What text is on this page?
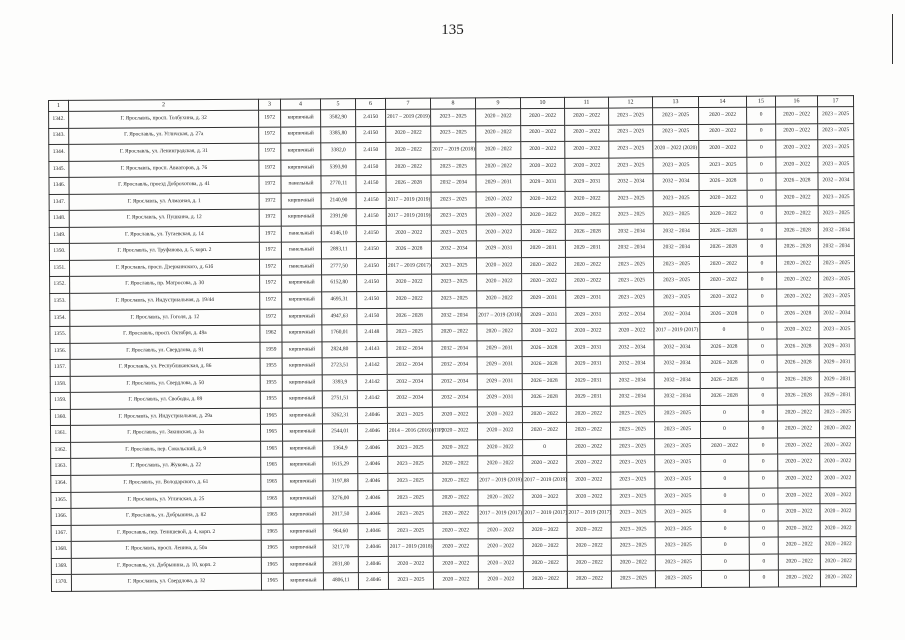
135
1	2	3	4	5	6	7	8	9	10	11	12	13	14	15	16	17
1342.	Г. Ярославль, просп. Толбухина, д. 32	1972	кирпичный	3582,90	2.4150	2017 – 2019 (2019)	2023 – 2025	2020 – 2022	2020 – 2022	2020 – 2022	2023 – 2025	2023 – 2025	2020 – 2022	0	2020 – 2022	2023 – 2025
1343.	Г. Ярославль, ул. Угличская, д. 27а	1972	кирпичный	3385,80	2.4150	2020 – 2022	2023 – 2025	2020 – 2022	2020 – 2022	2020 – 2022	2023 – 2025	2023 – 2025	2020 – 2022	0	2020 – 2022	2023 – 2025
1344.	Г. Ярославль, ул. Ленинградская, д. 31	1972	кирпичный	3382,0	2.4150	2020 – 2022	2017 – 2019 (2018)	2020 – 2022	2020 – 2022	2020 – 2022	2023 – 2025	2020 – 2022 (2020)	2020 – 2022	0	2020 – 2022	2023 – 2025
1345.	Г. Ярославль, просп. Авиаторов, д. 76	1972	кирпичный	5393,90	2.4150	2020 – 2022	2023 – 2025	2020 – 2022	2020 – 2022	2020 – 2022	2023 – 2025	2023 – 2025	2023 – 2025	0	2020 – 2022	2023 – 2025
1346.	Г. Ярославль, проезд Доброхотова, д. 41	1972	панельный	2770,11	2.4150	2026 – 2028	2032 – 2034	2029 – 2031	2029 – 2031	2029 – 2031	2032 – 2034	2032 – 2034	2026 – 2028	0	2026 – 2028	2032 – 2034
1347.	Г. Ярославль, ул. Алмазная, д. 1	1972	кирпичный	2140,90	2.4150	2017 – 2019 (2019)	2023 – 2025	2020 – 2022	2020 – 2022	2020 – 2022	2023 – 2025	2023 – 2025	2020 – 2022	0	2020 – 2022	2023 – 2025
1348.	Г. Ярославль, ул. Пушкина, д. 12	1972	кирпичный	2391,90	2.4150	2017 – 2019 (2019)	2023 – 2025	2020 – 2022	2020 – 2022	2020 – 2022	2023 – 2025	2023 – 2025	2020 – 2022	0	2020 – 2022	2023 – 2025
1349.	Г. Ярославль, ул. Тутаевская, д. 14	1972	панельный	4146,10	2.4150	2020 – 2022	2023 – 2025	2020 – 2022	2020 – 2022	2026 – 2028	2032 – 2034	2032 – 2034	2026 – 2028	0	2026 – 2028	2032 – 2034
1350.	Г. Ярославль, ул. Труфанова, д. 5, корп. 2	1972	панельный	2893,11	2.4150	2026 – 2028	2032 – 2034	2029 – 2031	2029 – 2031	2029 – 2031	2032 – 2034	2032 – 2034	2026 – 2028	0	2026 – 2028	2032 – 2034
1351.	Г. Ярославль, просп. Дзержинского, д. 61б	1972	панельный	2777,50	2.4150	2017 – 2019 (2017)	2023 – 2025	2020 – 2022	2020 – 2022	2020 – 2022	2023 – 2025	2023 – 2025	2020 – 2022	0	2020 – 2022	2023 – 2025
1352.	Г. Ярославль, пр. Матросова, д. 30	1972	кирпичный	6152,80	2.4150	2020 – 2022	2023 – 2025	2020 – 2022	2020 – 2022	2020 – 2022	2023 – 2025	2023 – 2025	2020 – 2022	0	2020 – 2022	2023 – 2025
1353.	Г. Ярославль, ул. Индустриальная, д. 19/44	1972	кирпичный	4695,31	2.4150	2020 – 2022	2023 – 2025	2020 – 2022	2029 – 2031	2029 – 2031	2023 – 2025	2023 – 2025	2020 – 2022	0	2020 – 2022	2023 – 2025
1354.	Г. Ярославль, ул. Гоголя, д. 12	1972	кирпичный	4947,63	2.4150	2026 – 2028	2032 – 2034	2017 – 2019 (2018)	2029 – 2031	2029 – 2031	2032 – 2034	2032 – 2034	2026 – 2028	0	2026 – 2028	2032 – 2034
1355.	Г. Ярославль, просп. Октября, д. 49а	1962	кирпичный	1760,01	2.4148	2023 – 2025	2020 – 2022	2020 – 2022	2020 – 2022	2020 – 2022	2020 – 2022	2017 – 2019 (2017)	0	0	2020 – 2022	2023 – 2025
1356.	Г. Ярославль, ул. Свердлова, д. 91	1959	кирпичный	2824,80	2.4143	2032 – 2034	2032 – 2034	2029 – 2031	2026 – 2028	2029 – 2031	2032 – 2034	2032 – 2034	2026 – 2028	0	2026 – 2028	2029 – 2031
1357.	Г. Ярославль, ул. Республиканская, д. 86	1955	кирпичный	2723,51	2.4142	2032 – 2034	2032 – 2034	2029 – 2031	2026 – 2028	2029 – 2031	2032 – 2034	2032 – 2034	2026 – 2028	0	2026 – 2028	2029 – 2031
1358.	Г. Ярославль, ул. Свердлова, д. 50	1955	кирпичный	3393,9	2.4142	2032 – 2034	2032 – 2034	2029 – 2031	2026 – 2028	2029 – 2031	2032 – 2034	2032 – 2034	2026 – 2028	0	2026 – 2028	2029 – 2031
1359.	Г. Ярославль, ул. Свободы, д. 89	1955	кирпичный	2751,51	2.4142	2032 – 2034	2032 – 2034	2029 – 2031	2026 – 2028	2029 – 2031	2032 – 2034	2032 – 2034	2026 – 2028	0	2026 – 2028	2029 – 2031
1360.	Г. Ярославль, ул. Индустриальная, д. 29а	1965	кирпичный	3262,31	2.4046	2023 – 2025	2020 – 2022	2020 – 2022	2020 – 2022	2020 – 2022	2023 – 2025	2023 – 2025	0	0	2020 – 2022	2023 – 2025
1361.	Г. Ярославль, ул. Закинская, д. 3а	1965	кирпичный	2544,01	2.4046	2014 – 2016 (2016) (ПР)	2020 – 2022	2020 – 2022	2020 – 2022	2020 – 2022	2023 – 2025	2023 – 2025	0	0	2020 – 2022	2020 – 2022
1362.	Г. Ярославль, пер. Сокольский, д. 9	1965	кирпичный	1364,9	2.4046	2023 – 2025	2020 – 2022	2020 – 2022	0	2020 – 2022	2023 – 2025	2023 – 2025	2020 – 2022	0	2020 – 2022	2020 – 2022
1363.	Г. Ярославль, ул. Жукова, д. 22	1965	кирпичный	1615,29	2.4046	2023 – 2025	2020 – 2022	2020 – 2022	2020 – 2022	2020 – 2022	2023 – 2025	2023 – 2025	0	0	2020 – 2022	2020 – 2022
1364.	Г. Ярославль, ул. Володарского, д. 61	1965	кирпичный	3197,88	2.4046	2023 – 2025	2020 – 2022	2017 – 2019 (2019)	2017 – 2019 (2019)	2020 – 2022	2023 – 2025	2023 – 2025	0	0	2020 – 2022	2020 – 2022
1365.	Г. Ярославль, ул. Угличская, д. 25	1965	кирпичный	3276,00	2.4046	2023 – 2025	2020 – 2022	2020 – 2022	2020 – 2022	2020 – 2022	2023 – 2025	2023 – 2025	0	0	2020 – 2022	2020 – 2022
1366.	Г. Ярославль, ул. Добрынина, д. 82	1965	кирпичный	2017,50	2.4046	2023 – 2025	2020 – 2022	2017 – 2019 (2017)	2017 – 2019 (2017)	2017 – 2019 (2017)	2023 – 2025	2023 – 2025	0	0	2020 – 2022	2020 – 2022
1367.	Г. Ярославль, пер. Тенишевой, д. 4, корп. 2	1965	кирпичный	964,60	2.4046	2023 – 2025	2020 – 2022	2020 – 2022	2020 – 2022	2020 – 2022	2023 – 2025	2023 – 2025	0	0	2020 – 2022	2020 – 2022
1368.	Г. Ярославль, просп. Ленина, д. 50а	1965	кирпичный	3217,70	2.4046	2017 – 2019 (2018)	2020 – 2022	2020 – 2022	2020 – 2022	2020 – 2022	2023 – 2025	2023 – 2025	0	0	2020 – 2022	2020 – 2022
1369.	Г. Ярославль, ул. Добрынина, д. 10, корп. 2	1965	кирпичный	2031,80	2.4046	2020 – 2022	2020 – 2022	2020 – 2022	2020 – 2022	2020 – 2022	2020 – 2022	2023 – 2025	0	0	2020 – 2022	2020 – 2022
1370.	Г. Ярославль, ул. Свердлова, д. 32	1965	кирпичный	4806,11	2.4046	2023 – 2025	2020 – 2022	2020 – 2022	2020 – 2022	2020 – 2022	2023 – 2025	2023 – 2025	0	0	2020 – 2022	2020 – 2022
